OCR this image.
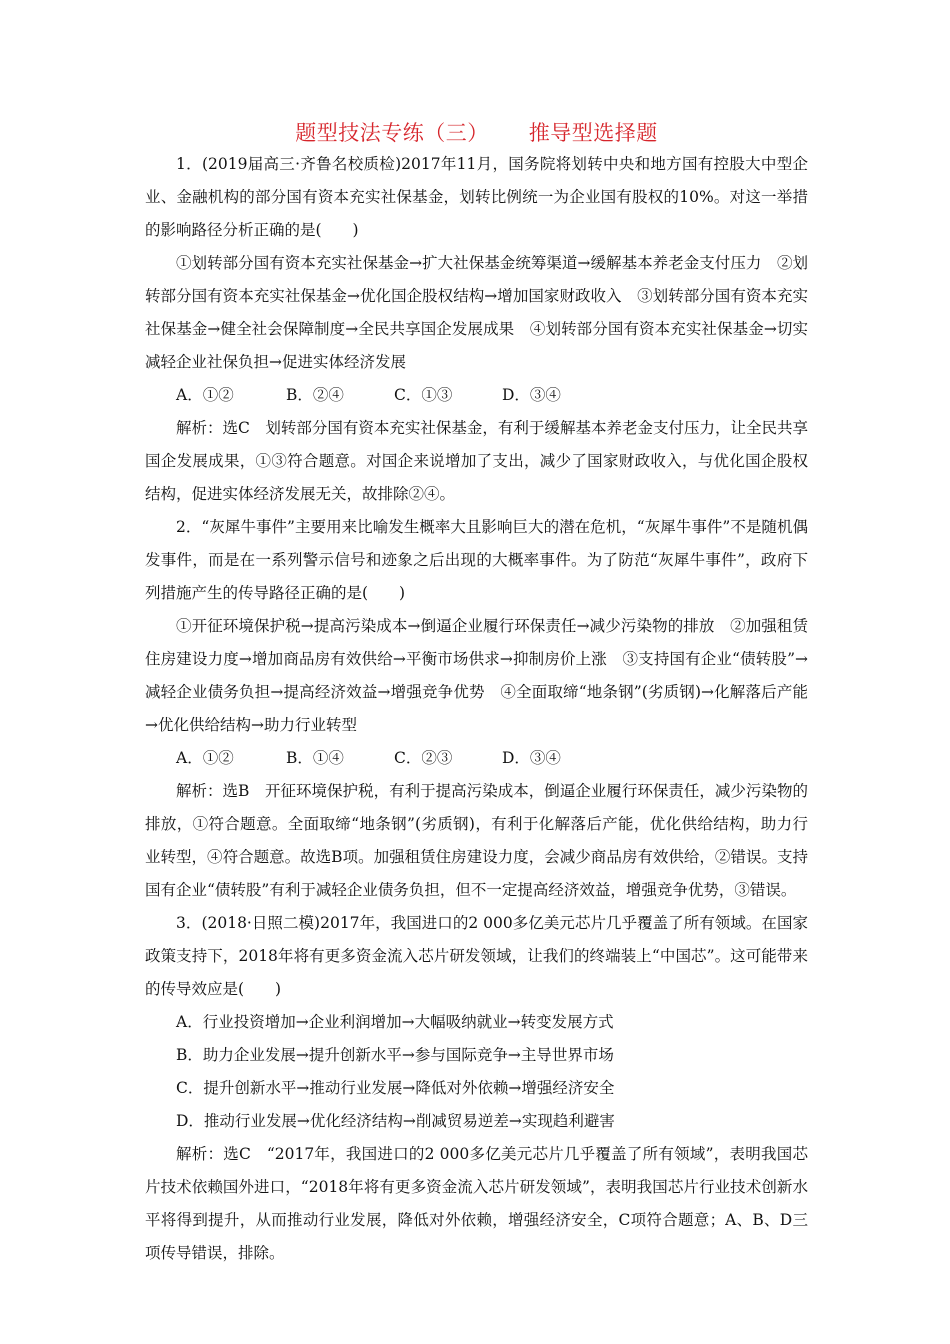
题型技法专练（三） 推导型选择题

1．(2019届高三·齐鲁名校质检)2017年11月，国务院将划转中央和地方国有控股大中型企业、金融机构的部分国有资本充实社保基金，划转比例统一为企业国有股权的10%。对这一举措的影响路径分析正确的是(　　)

①划转部分国有资本充实社保基金→扩大社保基金统筹渠道→缓解基本养老金支付压力　②划转部分国有资本充实社保基金→优化国企股权结构→增加国家财政收入　③划转部分国有资本充实社保基金→健全社会保障制度→全民共享国企发展成果　④划转部分国有资本充实社保基金→切实减轻企业社保负担→促进实体经济发展

A．①②	B．②④	C．①③	D．③④

解析：选C　划转部分国有资本充实社保基金，有利于缓解基本养老金支付压力，让全民共享国企发展成果，①③符合题意。对国企来说增加了支出，减少了国家财政收入，与优化国企股权结构，促进实体经济发展无关，故排除②④。

2．“灰犀牛事件”主要用来比喻发生概率大且影响巨大的潜在危机，“灰犀牛事件”不是随机偶发事件，而是在一系列警示信号和迹象之后出现的大概率事件。为了防范“灰犀牛事件”，政府下列措施产生的传导路径正确的是(　　)

①开征环境保护税→提高污染成本→倒逼企业履行环保责任→减少污染物的排放　②加强租赁住房建设力度→增加商品房有效供给→平衡市场供求→抑制房价上涨　③支持国有企业“债转股”→减轻企业债务负担→提高经济效益→增强竞争优势　④全面取缔“地条钢”(劣质钢)→化解落后产能→优化供给结构→助力行业转型

A．①②	B．①④	C．②③	D．③④

解析：选B　开征环境保护税，有利于提高污染成本，倒逼企业履行环保责任，减少污染物的排放，①符合题意。全面取缔“地条钢”(劣质钢)，有利于化解落后产能，优化供给结构，助力行业转型，④符合题意。故选B项。加强租赁住房建设力度，会减少商品房有效供给，②错误。支持国有企业“债转股”有利于减轻企业债务负担，但不一定提高经济效益，增强竞争优势，③错误。

3．(2018·日照二模)2017年，我国进口的2 000多亿美元芯片几乎覆盖了所有领域。在国家政策支持下，2018年将有更多资金流入芯片研发领域，让我们的终端装上“中国芯”。这可能带来的传导效应是(　　)

A．行业投资增加→企业利润增加→大幅吸纳就业→转变发展方式
B．助力企业发展→提升创新水平→参与国际竞争→主导世界市场
C．提升创新水平→推动行业发展→降低对外依赖→增强经济安全
D．推动行业发展→优化经济结构→削减贸易逆差→实现趋利避害

解析：选C　“2017年，我国进口的2 000多亿美元芯片几乎覆盖了所有领域”，表明我国芯片技术依赖国外进口，“2018年将有更多资金流入芯片研发领域”，表明我国芯片行业技术创新水平将得到提升，从而推动行业发展，降低对外依赖，增强经济安全，C项符合题意；A、B、D三项传导错误，排除。
